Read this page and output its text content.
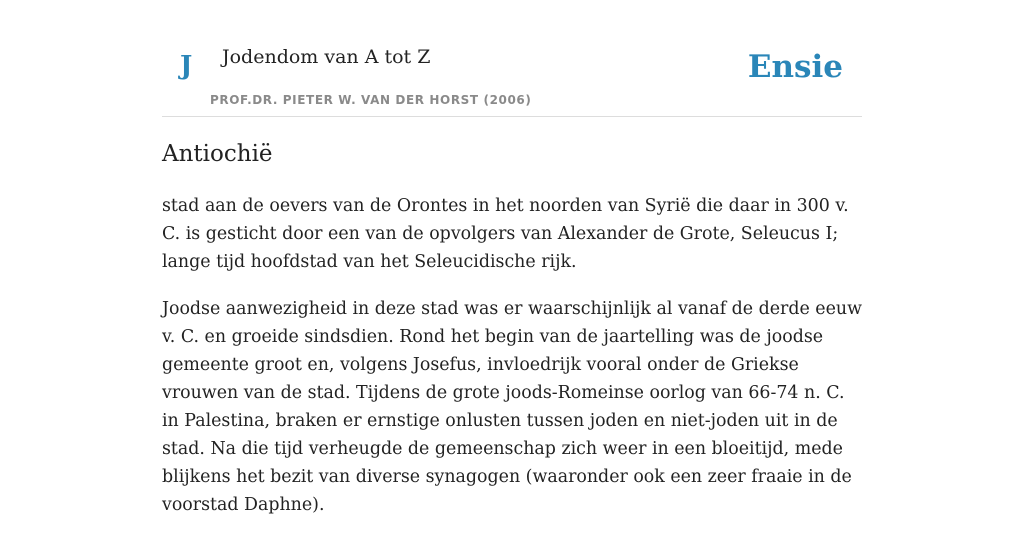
J Jodendom van A tot Z
PROF.DR. PIETER W. VAN DER HORST (2006)
Ensie
Antiochië

stad aan de oevers van de Orontes in het noorden van Syrië die daar in 300 v. C. is gesticht door een van de opvolgers van Alexander de Grote, Seleucus I; lange tijd hoofdstad van het Seleucidische rijk.

Joodse aanwezigheid in deze stad was er waarschijnlijk al vanaf de derde eeuw v. C. en groeide sindsdien. Rond het begin van de jaartelling was de joodse gemeente groot en, volgens Josefus, invloedrijk vooral onder de Griekse vrouwen van de stad. Tijdens de grote joods-Romeinse oorlog van 66-74 n. C. in Palestina, braken er ernstige onlusten tussen joden en niet-joden uit in de stad. Na die tijd verheugde de gemeenschap zich weer in een bloeitijd, mede blijkens het bezit van diverse synagogen (waaronder ook een zeer fraaie in de voorstad Daphne).
